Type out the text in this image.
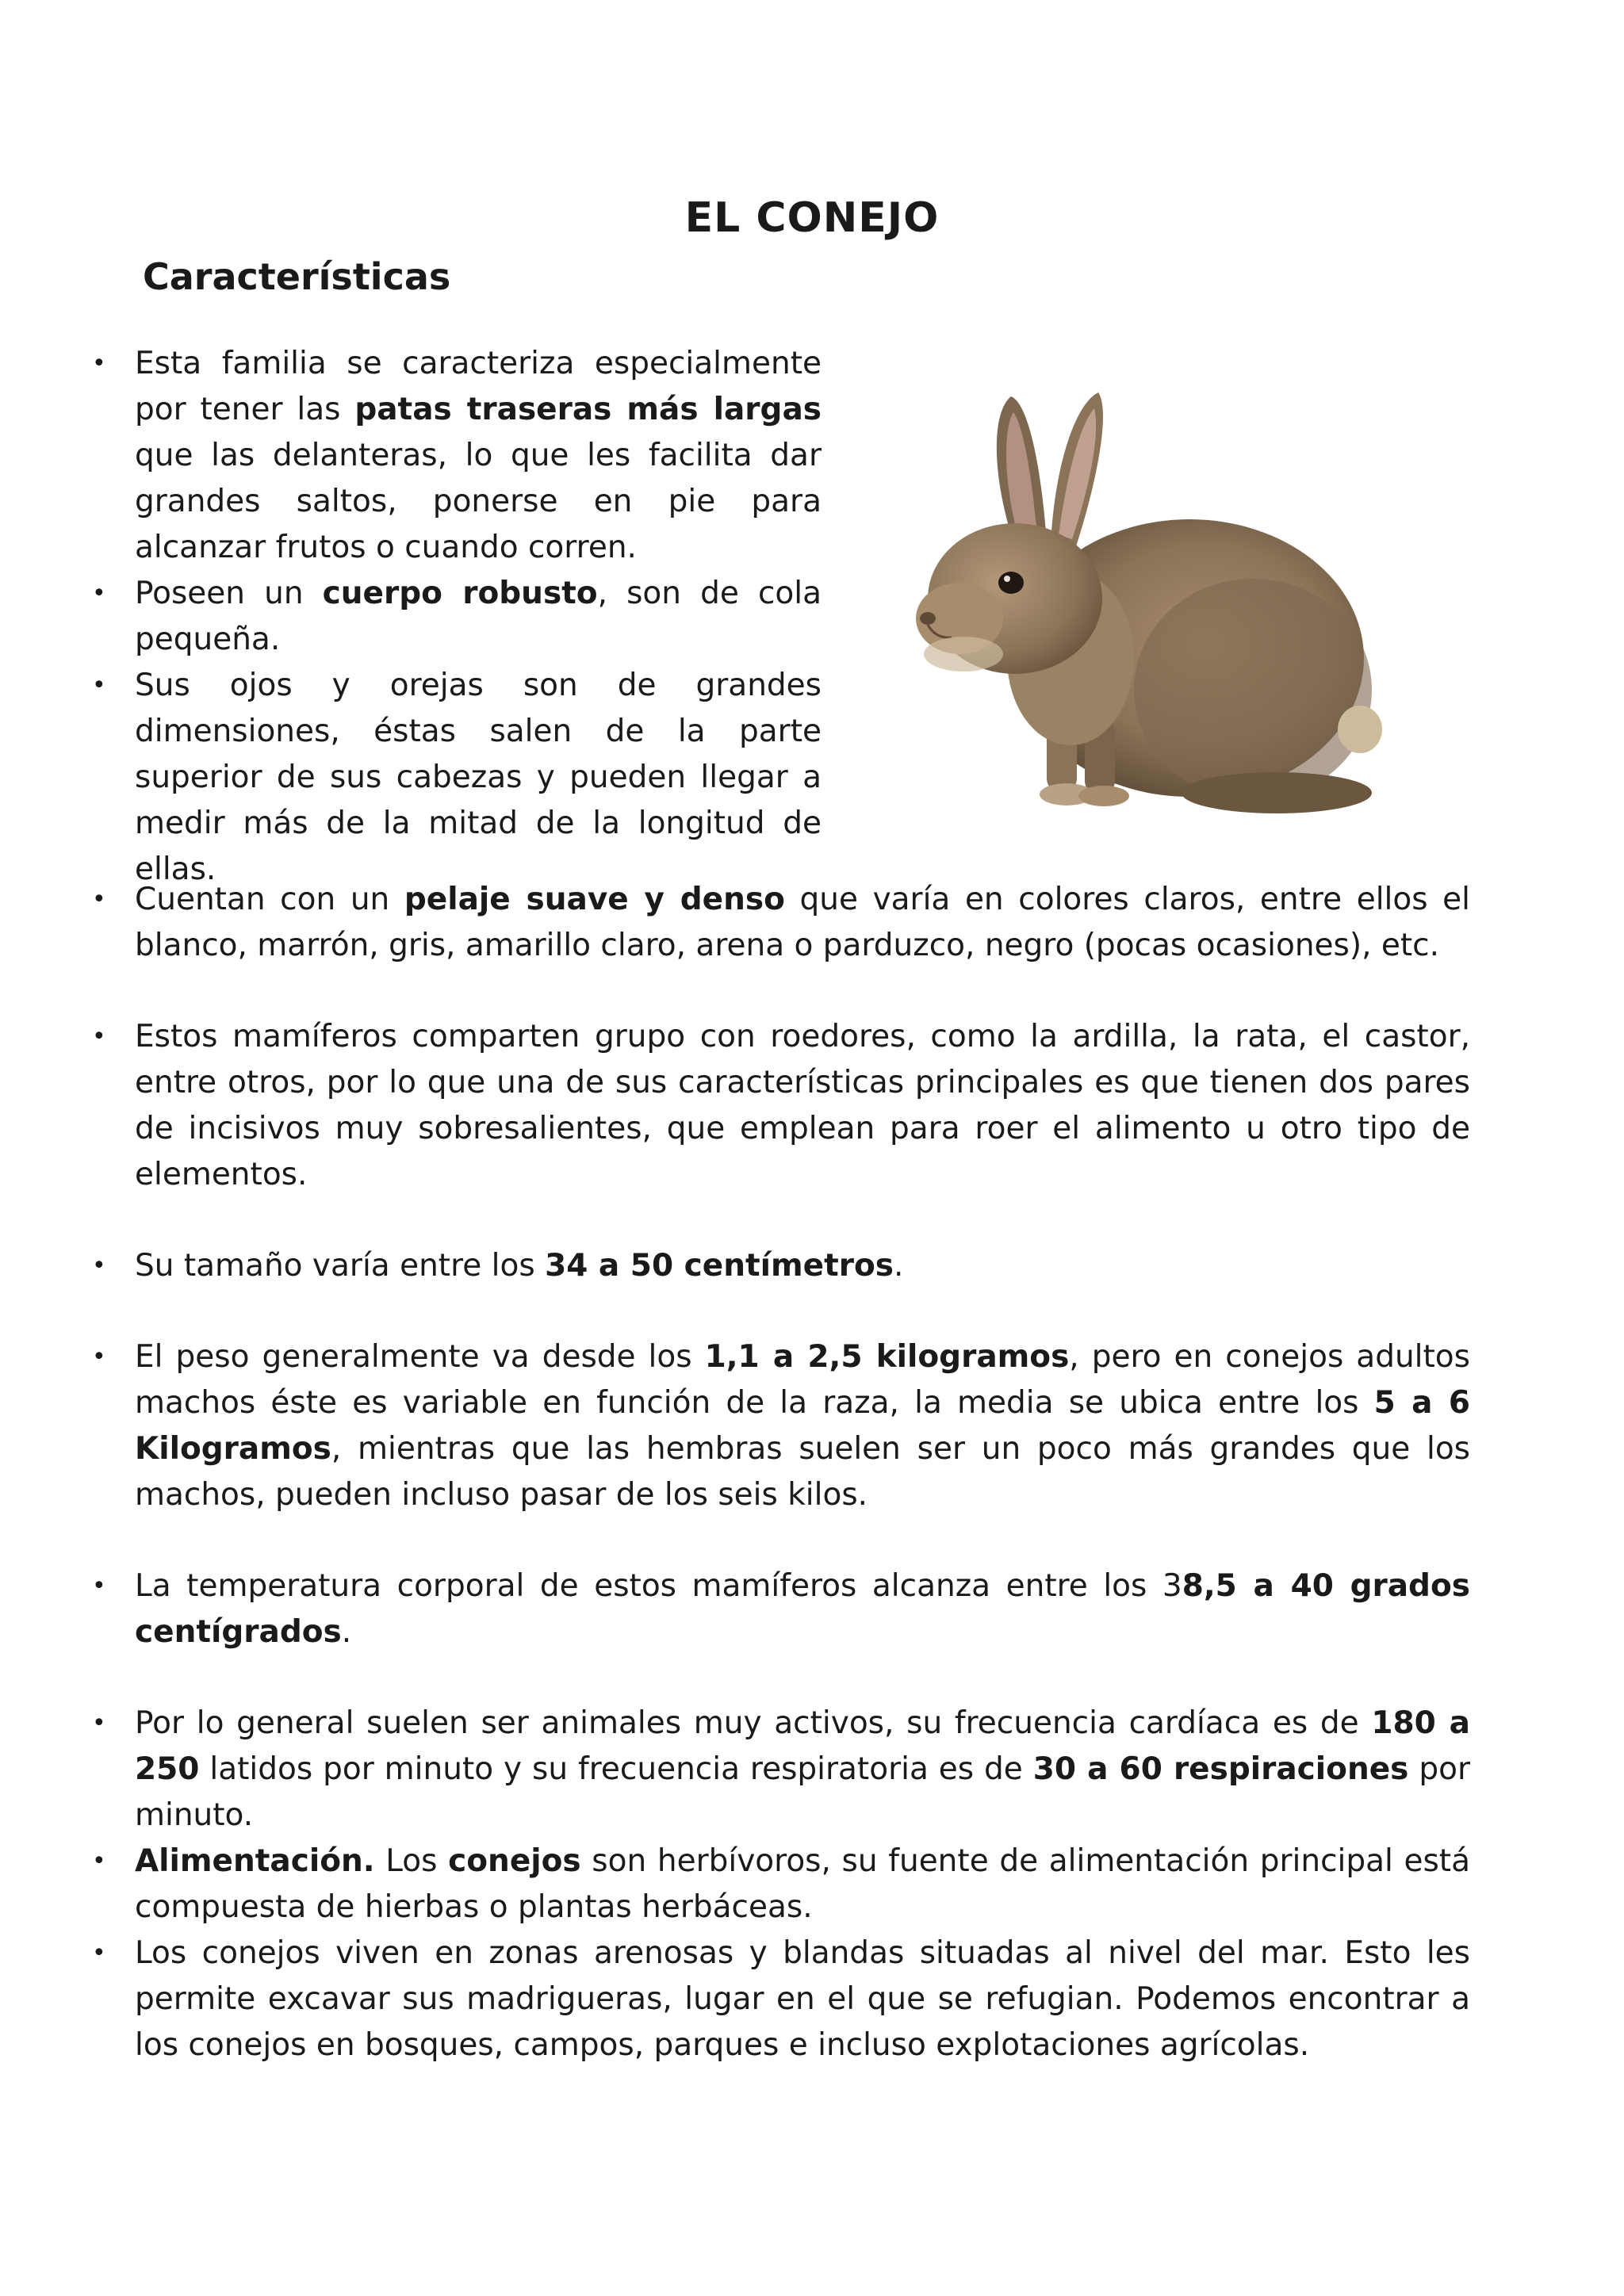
EL CONEJO
Características
• Esta familia se caracteriza especialmente por tener las patas traseras más largas que las delanteras, lo que les facilita dar grandes saltos, ponerse en pie para alcanzar frutos o cuando corren.
• Poseen un cuerpo robusto, son de cola pequeña.
• Sus ojos y orejas son de grandes dimensiones, éstas salen de la parte superior de sus cabezas y pueden llegar a medir más de la mitad de la longitud de ellas.
• Cuentan con un pelaje suave y denso que varía en colores claros, entre ellos el blanco, marrón, gris, amarillo claro, arena o parduzco, negro (pocas ocasiones), etc.
• Estos mamíferos comparten grupo con roedores, como la ardilla, la rata, el castor, entre otros, por lo que una de sus características principales es que tienen dos pares de incisivos muy sobresalientes, que emplean para roer el alimento u otro tipo de elementos.
• Su tamaño varía entre los 34 a 50 centímetros.
• El peso generalmente va desde los 1,1 a 2,5 kilogramos, pero en conejos adultos machos éste es variable en función de la raza, la media se ubica entre los 5 a 6 Kilogramos, mientras que las hembras suelen ser un poco más grandes que los machos, pueden incluso pasar de los seis kilos.
• La temperatura corporal de estos mamíferos alcanza entre los 38,5 a 40 grados centígrados.
• Por lo general suelen ser animales muy activos, su frecuencia cardíaca es de 180 a 250 latidos por minuto y su frecuencia respiratoria es de 30 a 60 respiraciones por minuto.
• Alimentación. Los conejos son herbívoros, su fuente de alimentación principal está compuesta de hierbas o plantas herbáceas.
• Los conejos viven en zonas arenosas y blandas situadas al nivel del mar. Esto les permite excavar sus madrigueras, lugar en el que se refugian. Podemos encontrar a los conejos en bosques, campos, parques e incluso explotaciones agrícolas.
